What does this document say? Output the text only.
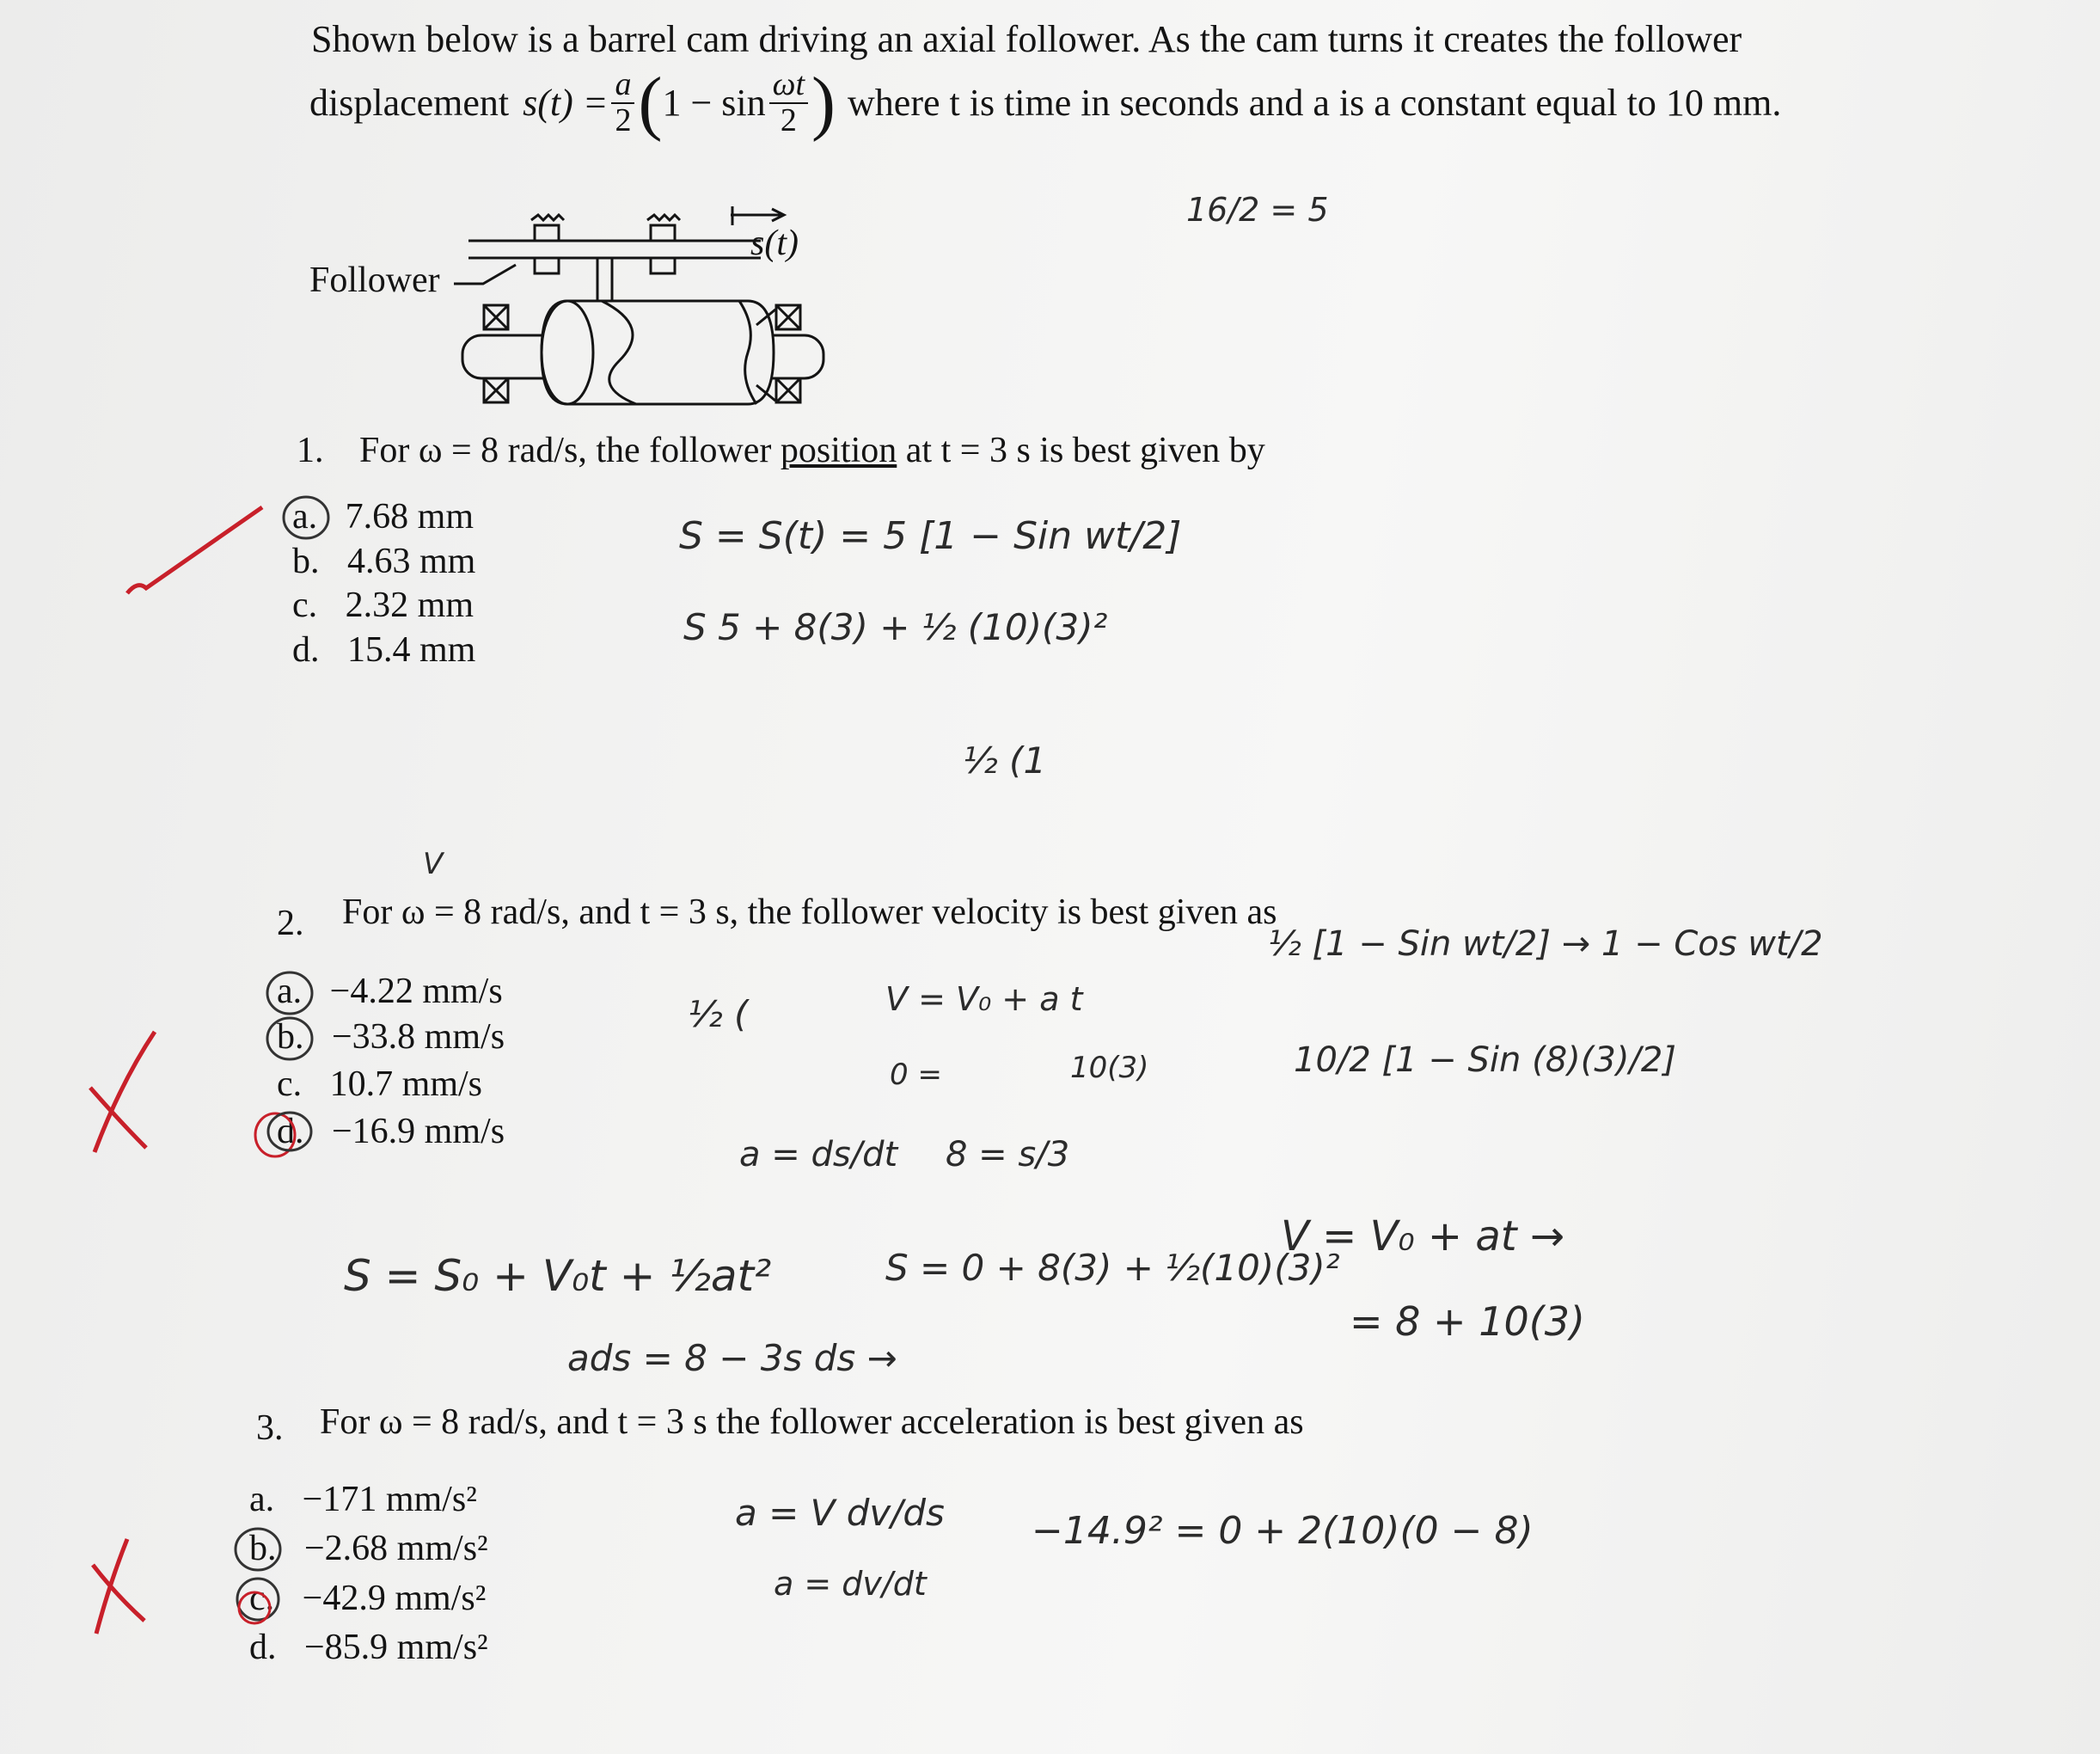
Shown below is a barrel cam driving an axial follower. As the cam turns it creates the follower
displacement $s(t) = \frac{a}{2}$ ( $1 - \sin \frac{\omega t}{2}$ ) where t is time in seconds and a is a constant equal to 10 mm.
Follower
s(t)
1. For ω = 8 rad/s, the follower position at t = 3 s is best given by
a. 7.68 mm
b. 4.63 mm
c. 2.32 mm
d. 15.4 mm
2. For ω = 8 rad/s, and t = 3 s, the follower velocity is best given as
a. −4.22 mm/s
b. −33.8 mm/s
c. 10.7 mm/s
d. −16.9 mm/s
3. For ω = 8 rad/s, and t = 3 s the follower acceleration is best given as
a. −171 mm/s²
b. −2.68 mm/s²
c. −42.9 mm/s²
d. −85.9 mm/s²
16/2 = 5
S = S(t) = 5 [1 − Sin wt/2]
S 5 + 8(3) + ½ (10)(3)²
½ (1
V
½ (	V = V₀ + a t
0 =	10(3)
½ [1 − Sin wt/2] → 1 − Cos wt/2
10/2 [1 − Sin (8)(3)/2]
a = ds/dt 8 = s/3
S = S₀ + V₀t + ½at²	S = 0 + 8(3) + ½(10)(3)²
V = V₀ + at →
= 8 + 10(3)
ads = 8 − 3s ds →
a = V dv/ds
a = dv/dt
−14.9² = 0 + 2(10)(0 − 8)
